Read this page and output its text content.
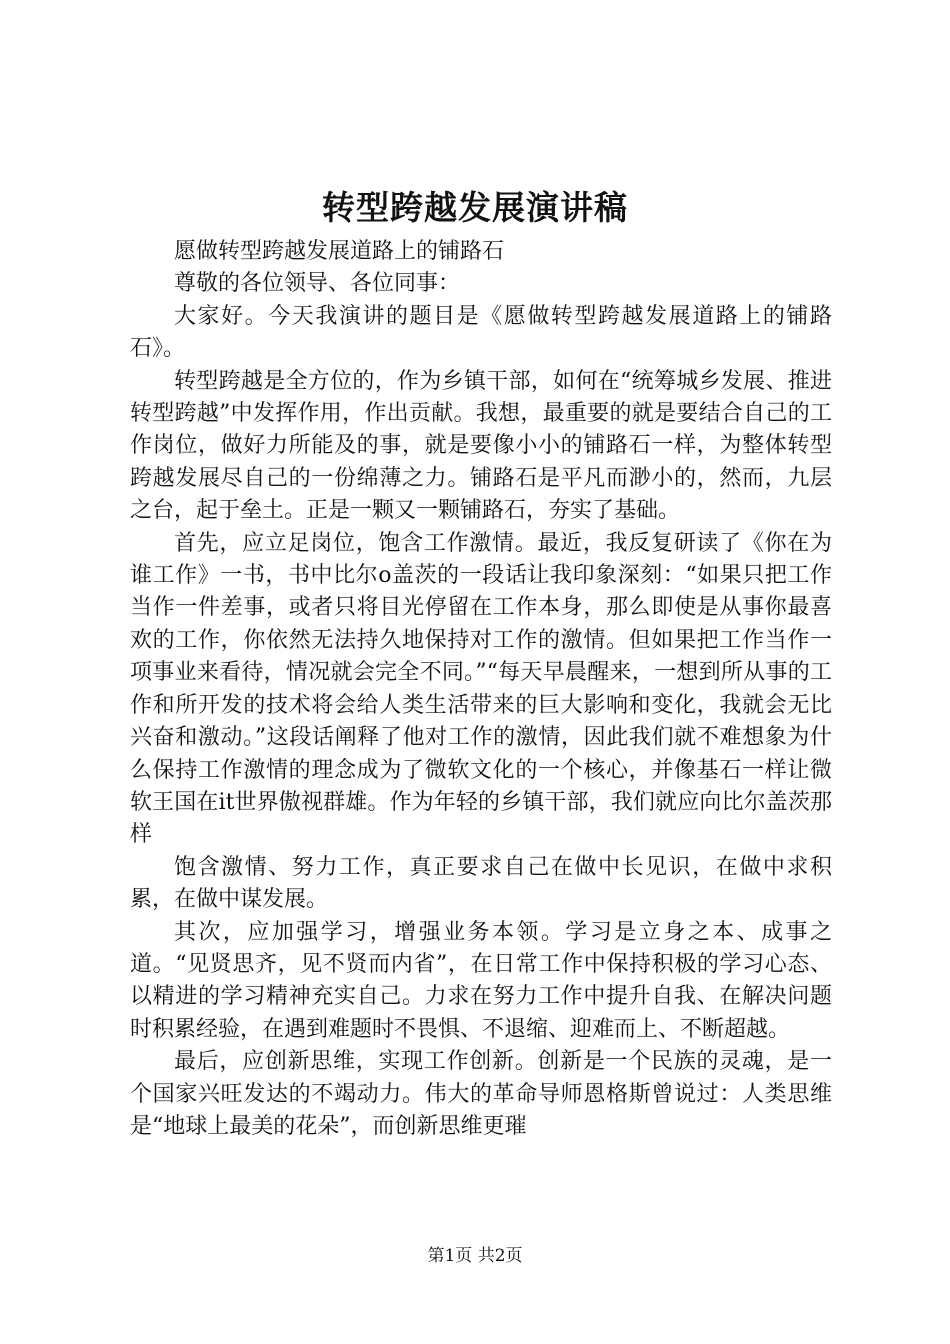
转型跨越发展演讲稿

愿做转型跨越发展道路上的铺路石

尊敬的各位领导、各位同事：

大家好。今天我演讲的题目是《愿做转型跨越发展道路上的铺路石》。

转型跨越是全方位的，作为乡镇干部，如何在“统筹城乡发展、推进转型跨越”中发挥作用，作出贡献。我想，最重要的就是要结合自己的工作岗位，做好力所能及的事，就是要像小小的铺路石一样，为整体转型跨越发展尽自己的一份绵薄之力。铺路石是平凡而渺小的，然而，九层之台，起于垒土。正是一颗又一颗铺路石，夯实了基础。

首先，应立足岗位，饱含工作激情。最近，我反复研读了《你在为谁工作》一书，书中比尔o盖茨的一段话让我印象深刻：“如果只把工作当作一件差事，或者只将目光停留在工作本身，那么即使是从事你最喜欢的工作，你依然无法持久地保持对工作的激情。但如果把工作当作一项事业来看待，情况就会完全不同。”“每天早晨醒来，一想到所从事的工作和所开发的技术将会给人类生活带来的巨大影响和变化，我就会无比兴奋和激动。”这段话阐释了他对工作的激情，因此我们就不难想象为什么保持工作激情的理念成为了微软文化的一个核心，并像基石一样让微软王国在it世界傲视群雄。作为年轻的乡镇干部，我们就应向比尔盖茨那样

饱含激情、努力工作，真正要求自己在做中长见识，在做中求积累，在做中谋发展。

其次，应加强学习，增强业务本领。学习是立身之本、成事之道。“见贤思齐，见不贤而内省”，在日常工作中保持积极的学习心态、以精进的学习精神充实自己。力求在努力工作中提升自我、在解决问题时积累经验，在遇到难题时不畏惧、不退缩、迎难而上、不断超越。

最后，应创新思维，实现工作创新。创新是一个民族的灵魂，是一个国家兴旺发达的不竭动力。伟大的革命导师恩格斯曾说过：人类思维是“地球上最美的花朵”，而创新思维更璀

第1页 共2页
